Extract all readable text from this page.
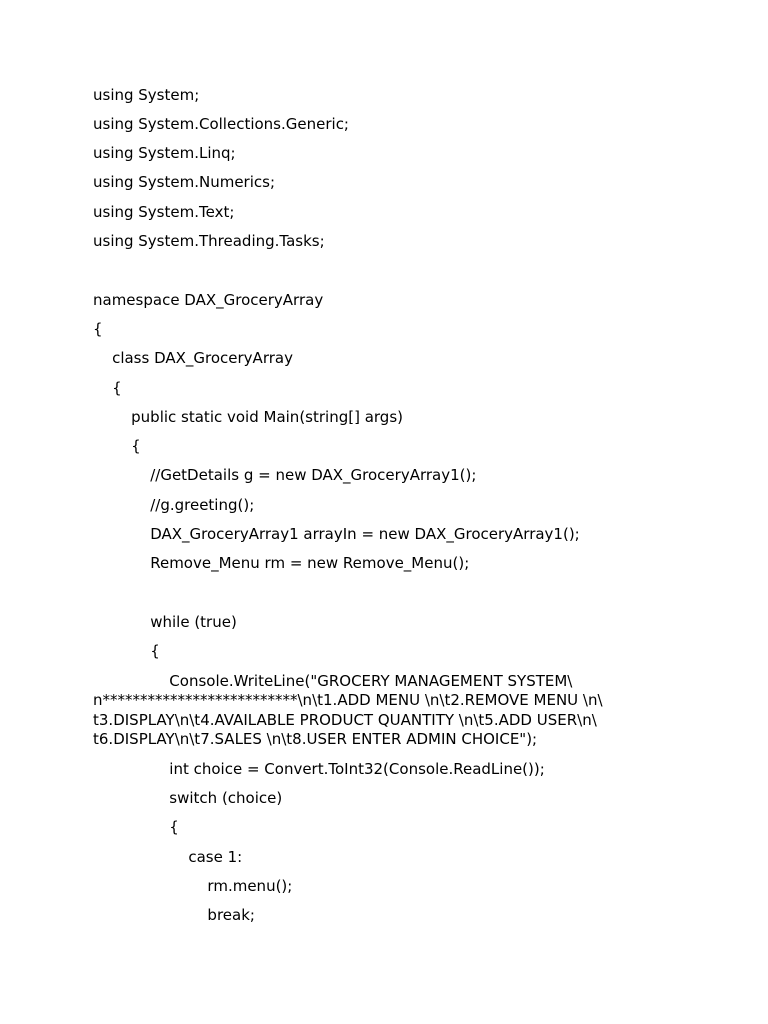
using System;
using System.Collections.Generic;
using System.Linq;
using System.Numerics;
using System.Text;
using System.Threading.Tasks;
namespace DAX_GroceryArray
{
class DAX_GroceryArray
{
public static void Main(string[] args)
{
//GetDetails g = new DAX_GroceryArray1();
//g.greeting();
DAX_GroceryArray1 arrayIn = new DAX_GroceryArray1();
Remove_Menu rm = new Remove_Menu();
while (true)
{
Console.WriteLine("GROCERY MANAGEMENT SYSTEM\
n**************************\n\t1.ADD MENU \n\t2.REMOVE MENU \n\
t3.DISPLAY\n\t4.AVAILABLE PRODUCT QUANTITY \n\t5.ADD USER\n\
t6.DISPLAY\n\t7.SALES \n\t8.USER ENTER ADMIN CHOICE");
int choice = Convert.ToInt32(Console.ReadLine());
switch (choice)
{
case 1:
rm.menu();
break;
